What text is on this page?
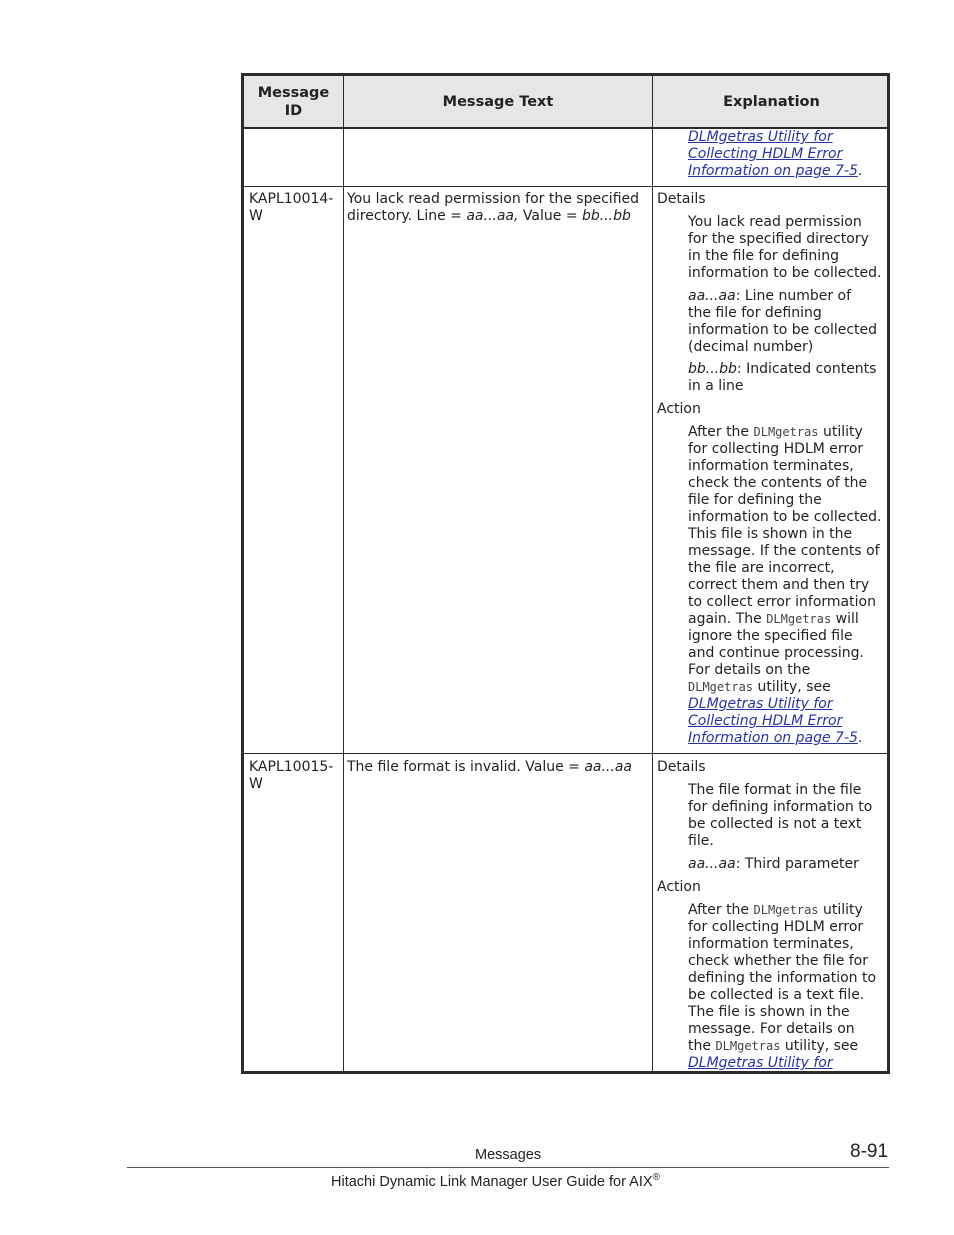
Message
ID
Message Text	Explanation
DLMgetras Utility for
Collecting HDLM Error
Information on page 7-5.
KAPL10014-
W
You lack read permission for the specified
directory. Line = aa...aa, Value = bb...bb
Details
You lack read permission
for the specified directory
in the file for defining
information to be collected.
aa...aa: Line number of
the file for defining
information to be collected
(decimal number)
bb...bb: Indicated contents
in a line
Action
After the DLMgetras utility
for collecting HDLM error
information terminates,
check the contents of the
file for defining the
information to be collected.
This file is shown in the
message. If the contents of
the file are incorrect,
correct them and then try
to collect error information
again. The DLMgetras will
ignore the specified file
and continue processing.
For details on the
DLMgetras utility, see
DLMgetras Utility for
Collecting HDLM Error
Information on page 7-5.
KAPL10015-
W
The file format is invalid. Value = aa...aa Details
The file format in the file
for defining information to
be collected is not a text
file.
aa...aa: Third parameter
Action
After the DLMgetras utility
for collecting HDLM error
information terminates,
check whether the file for
defining the information to
be collected is a text file.
The file is shown in the
message. For details on
the DLMgetras utility, see
DLMgetras Utility for
Messages	8-91
Hitachi Dynamic Link Manager User Guide for AIX®
